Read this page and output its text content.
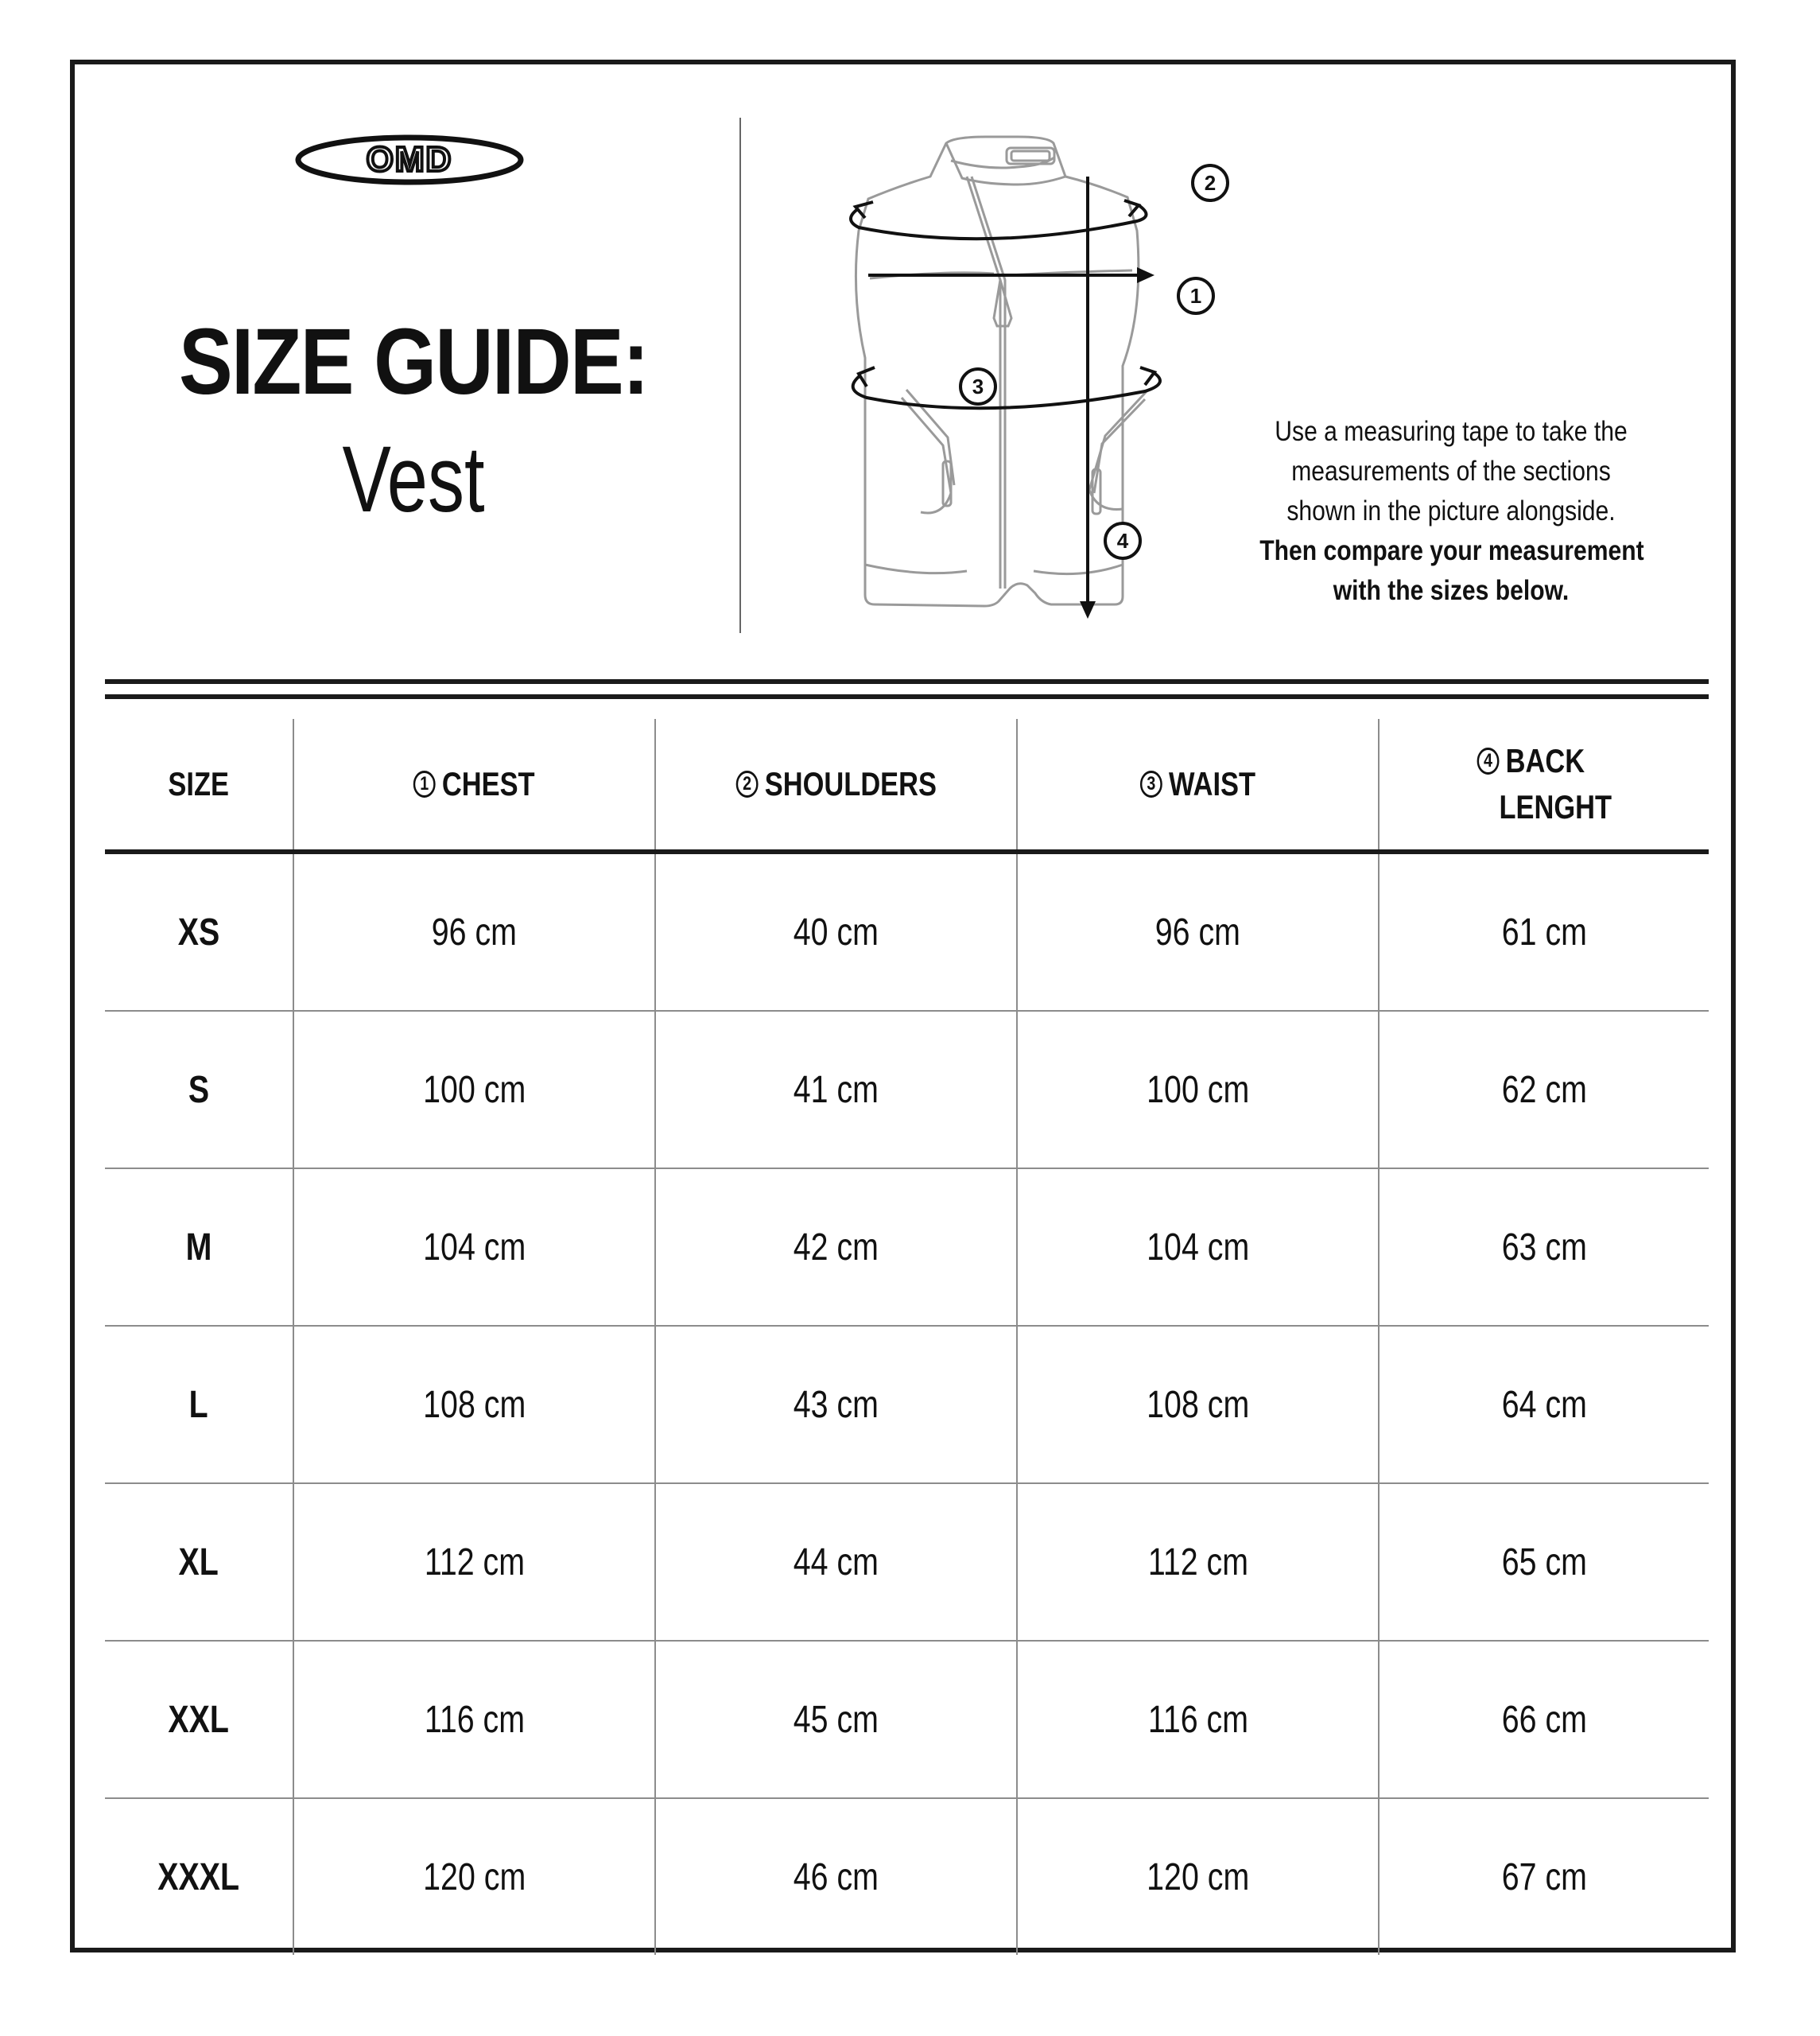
OMD
SIZE GUIDE:
Vest
2
1
3
4
Use a measuring tape to take the
measurements of the sections
shown in the picture alongside.
Then compare your measurement
with the sizes below.
SIZE	1 CHEST	2 SHOULDERS	3 WAIST
4 BACK
LENGHT
XS	96 cm	40 cm	96 cm	61 cm
S	100 cm	41 cm	100 cm	62 cm
M	104 cm	42 cm	104 cm	63 cm
L	108 cm	43 cm	108 cm	64 cm
XL	112 cm	44 cm	112 cm	65 cm
XXL	116 cm	45 cm	116 cm	66 cm
XXXL	120 cm	46 cm	120 cm	67 cm
